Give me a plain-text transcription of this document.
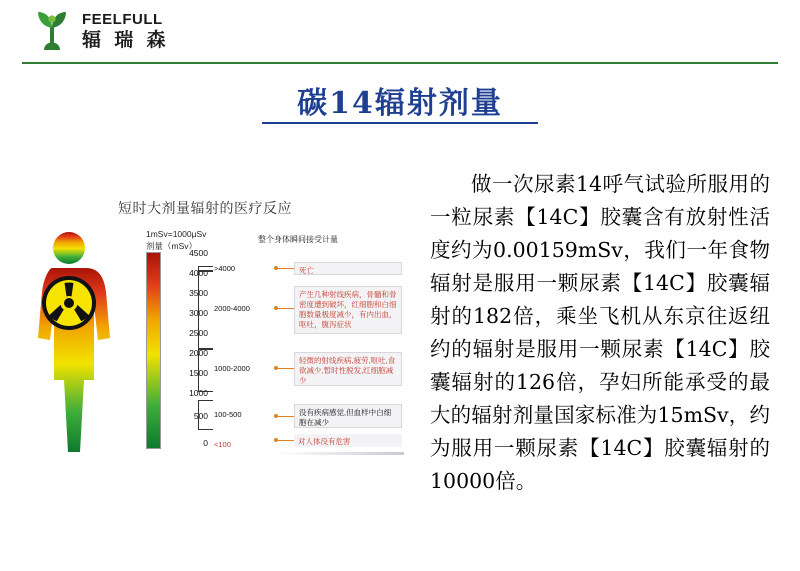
FEELFULL
辐 瑞 森
碳14辐射剂量
短时大剂量辐射的医疗反应
1mSv=1000μSv
剂量（mSv）
整个身体瞬间接受计量
4500
4000
3500
3000
2500
2000
1500
1000
500
0
>4000
2000-4000
1000-2000
100-500
<100
死亡
产生几种射线疾病，骨髓和骨密度遭到破坏，红细胞和白细胞数量极度减少，有内出血，呕吐，腹泻症状
轻微的射线疾病,疲劳,呕吐,食欲减少,暂时性脱发,红细胞减少
没有疾病感觉,但血样中白细胞在减少
对人体没有危害
做一次尿素14呼气试验所服用的一粒尿素【14C】胶囊含有放射性活度约为0.00159mSv，我们一年食物辐射是服用一颗尿素【14C】胶囊辐射的182倍，乘坐飞机从东京往返纽约的辐射是服用一颗尿素【14C】胶囊辐射的126倍，孕妇所能承受的最大的辐射剂量国家标准为15mSv，约为服用一颗尿素【14C】胶囊辐射的10000倍。
